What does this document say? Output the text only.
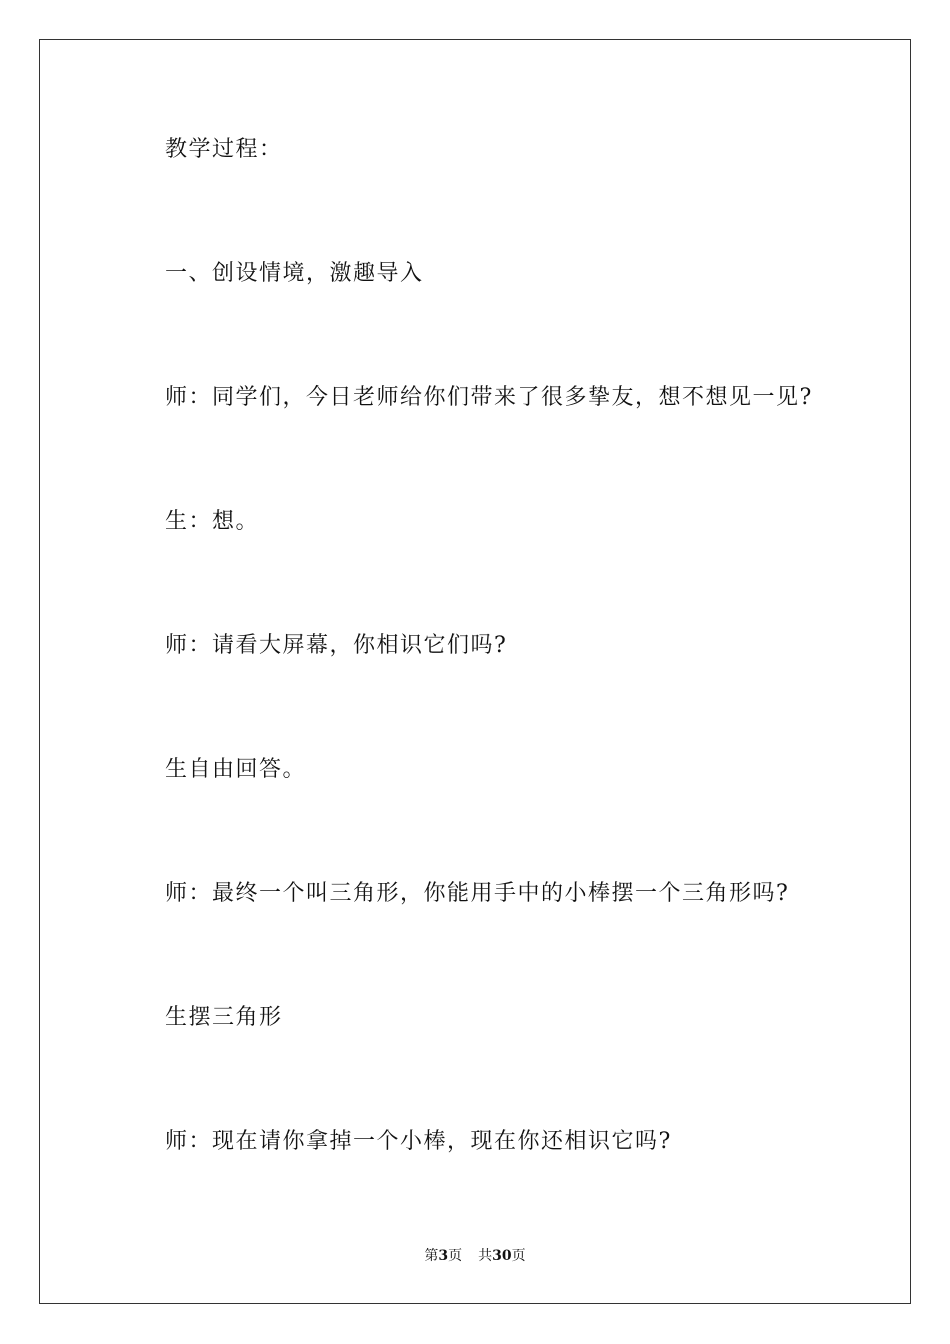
教学过程：
一、创设情境，激趣导入
师：同学们，今日老师给你们带来了很多挚友，想不想见一见?
生：想。
师：请看大屏幕，你相识它们吗?
生自由回答。
师：最终一个叫三角形，你能用手中的小棒摆一个三角形吗?
生摆三角形
师：现在请你拿掉一个小棒，现在你还相识它吗?
第3页 共30页
